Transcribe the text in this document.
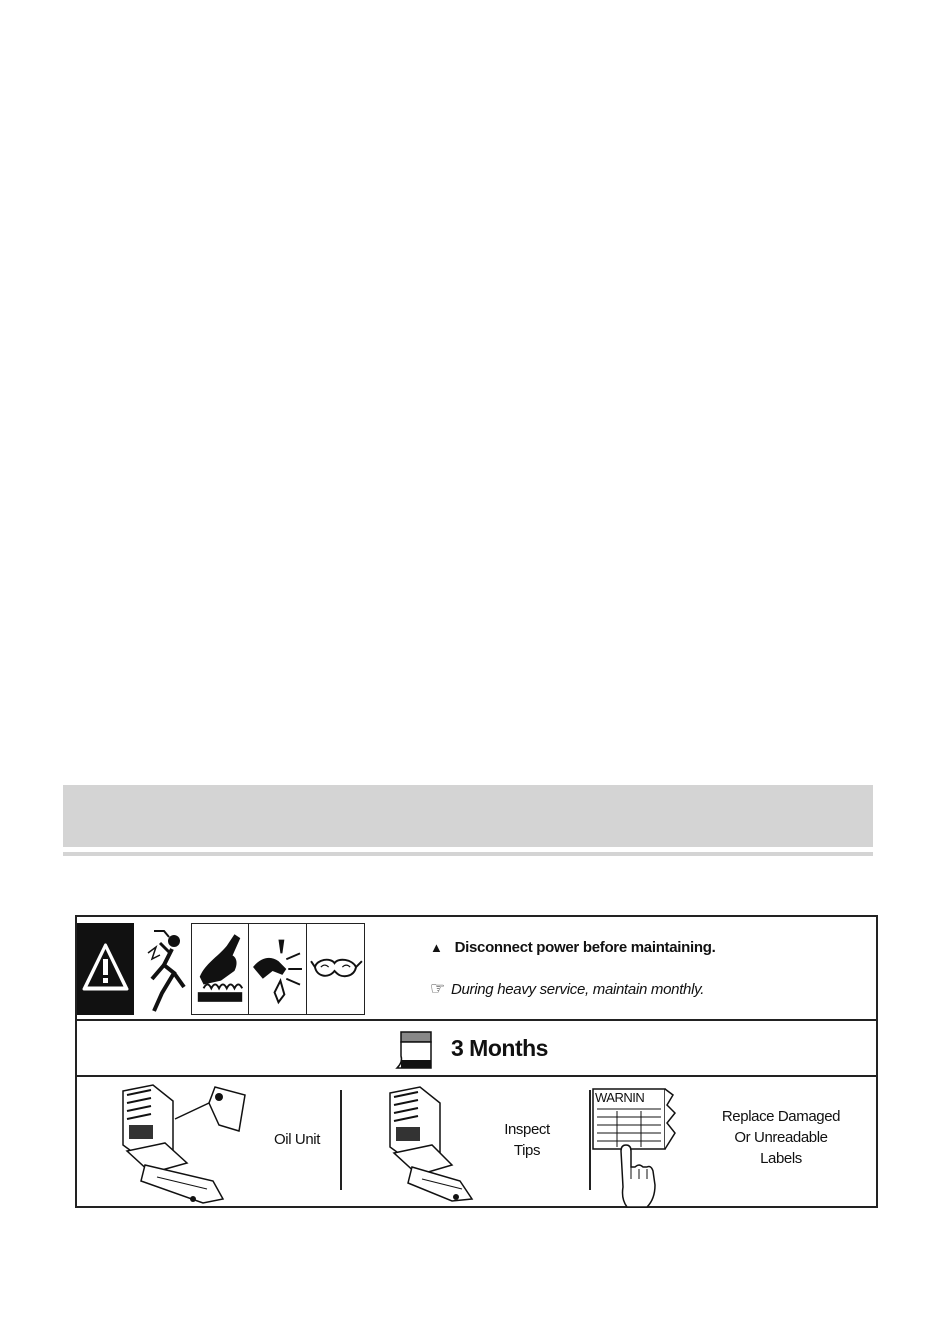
▲ Disconnect power before maintaining.
☞ During heavy service, maintain monthly.
3 Months
Oil Unit
Inspect
Tips
WARNIN
Replace Damaged
Or Unreadable
Labels
